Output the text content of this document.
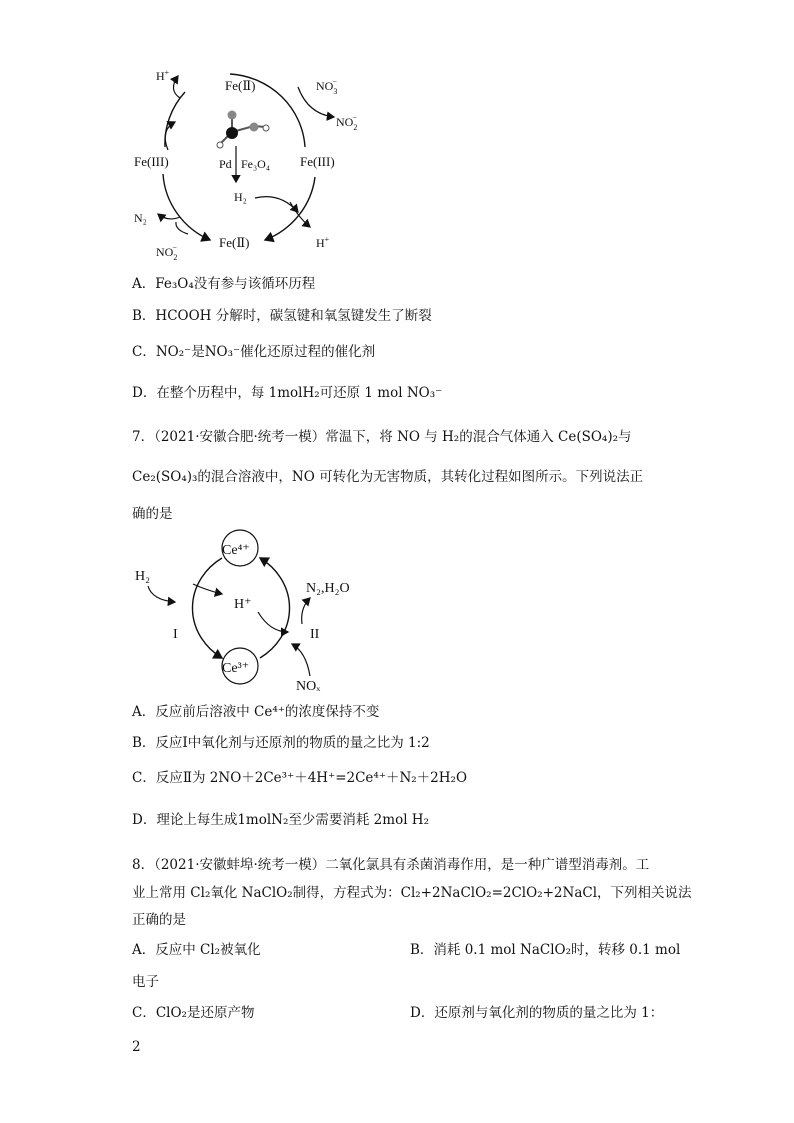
Fe(Ⅱ)
H+
$NO_3-$
$NO_2-$
Fe(III)	Fe(III)
Pd Fe₃O₄
H₂
N₂
$NO_2-$	Fe(Ⅱ)	H+
A．Fe₃O₄没有参与该循环历程
B．HCOOH 分解时，碳氢键和氧氢键发生了断裂
C．NO₂⁻是NO₃⁻催化还原过程的催化剂
D．在整个历程中，每 1molH₂可还原 1 mol NO₃⁻
7．（2021·安徽合肥·统考一模）常温下，将 NO 与 H₂的混合气体通入 Ce(SO₄)₂与
Ce₂(SO₄)₃的混合溶液中，NO 可转化为无害物质，其转化过程如图所示。下列说法正
确的是
Ce⁴⁺
Ce³⁺
H₂
H⁺
N₂,H₂O
I	II
NOₓ
A．反应前后溶液中 Ce⁴⁺的浓度保持不变
B．反应Ⅰ中氧化剂与还原剂的物质的量之比为 1:2
C．反应Ⅱ为 2NO＋2Ce³⁺＋4H⁺=2Ce⁴⁺＋N₂＋2H₂O
D．理论上每生成1molN₂至少需要消耗 2mol H₂
8．（2021·安徽蚌埠·统考一模）二氧化氯具有杀菌消毒作用，是一种广谱型消毒剂。工
业上常用 Cl₂氧化 NaClO₂制得，方程式为：Cl₂+2NaClO₂=2ClO₂+2NaCl，下列相关说法
正确的是
A．反应中 Cl₂被氧化	B．消耗 0.1 mol NaClO₂时，转移 0.1 mol
电子
C．ClO₂是还原产物	D．还原剂与氧化剂的物质的量之比为 1：
2
